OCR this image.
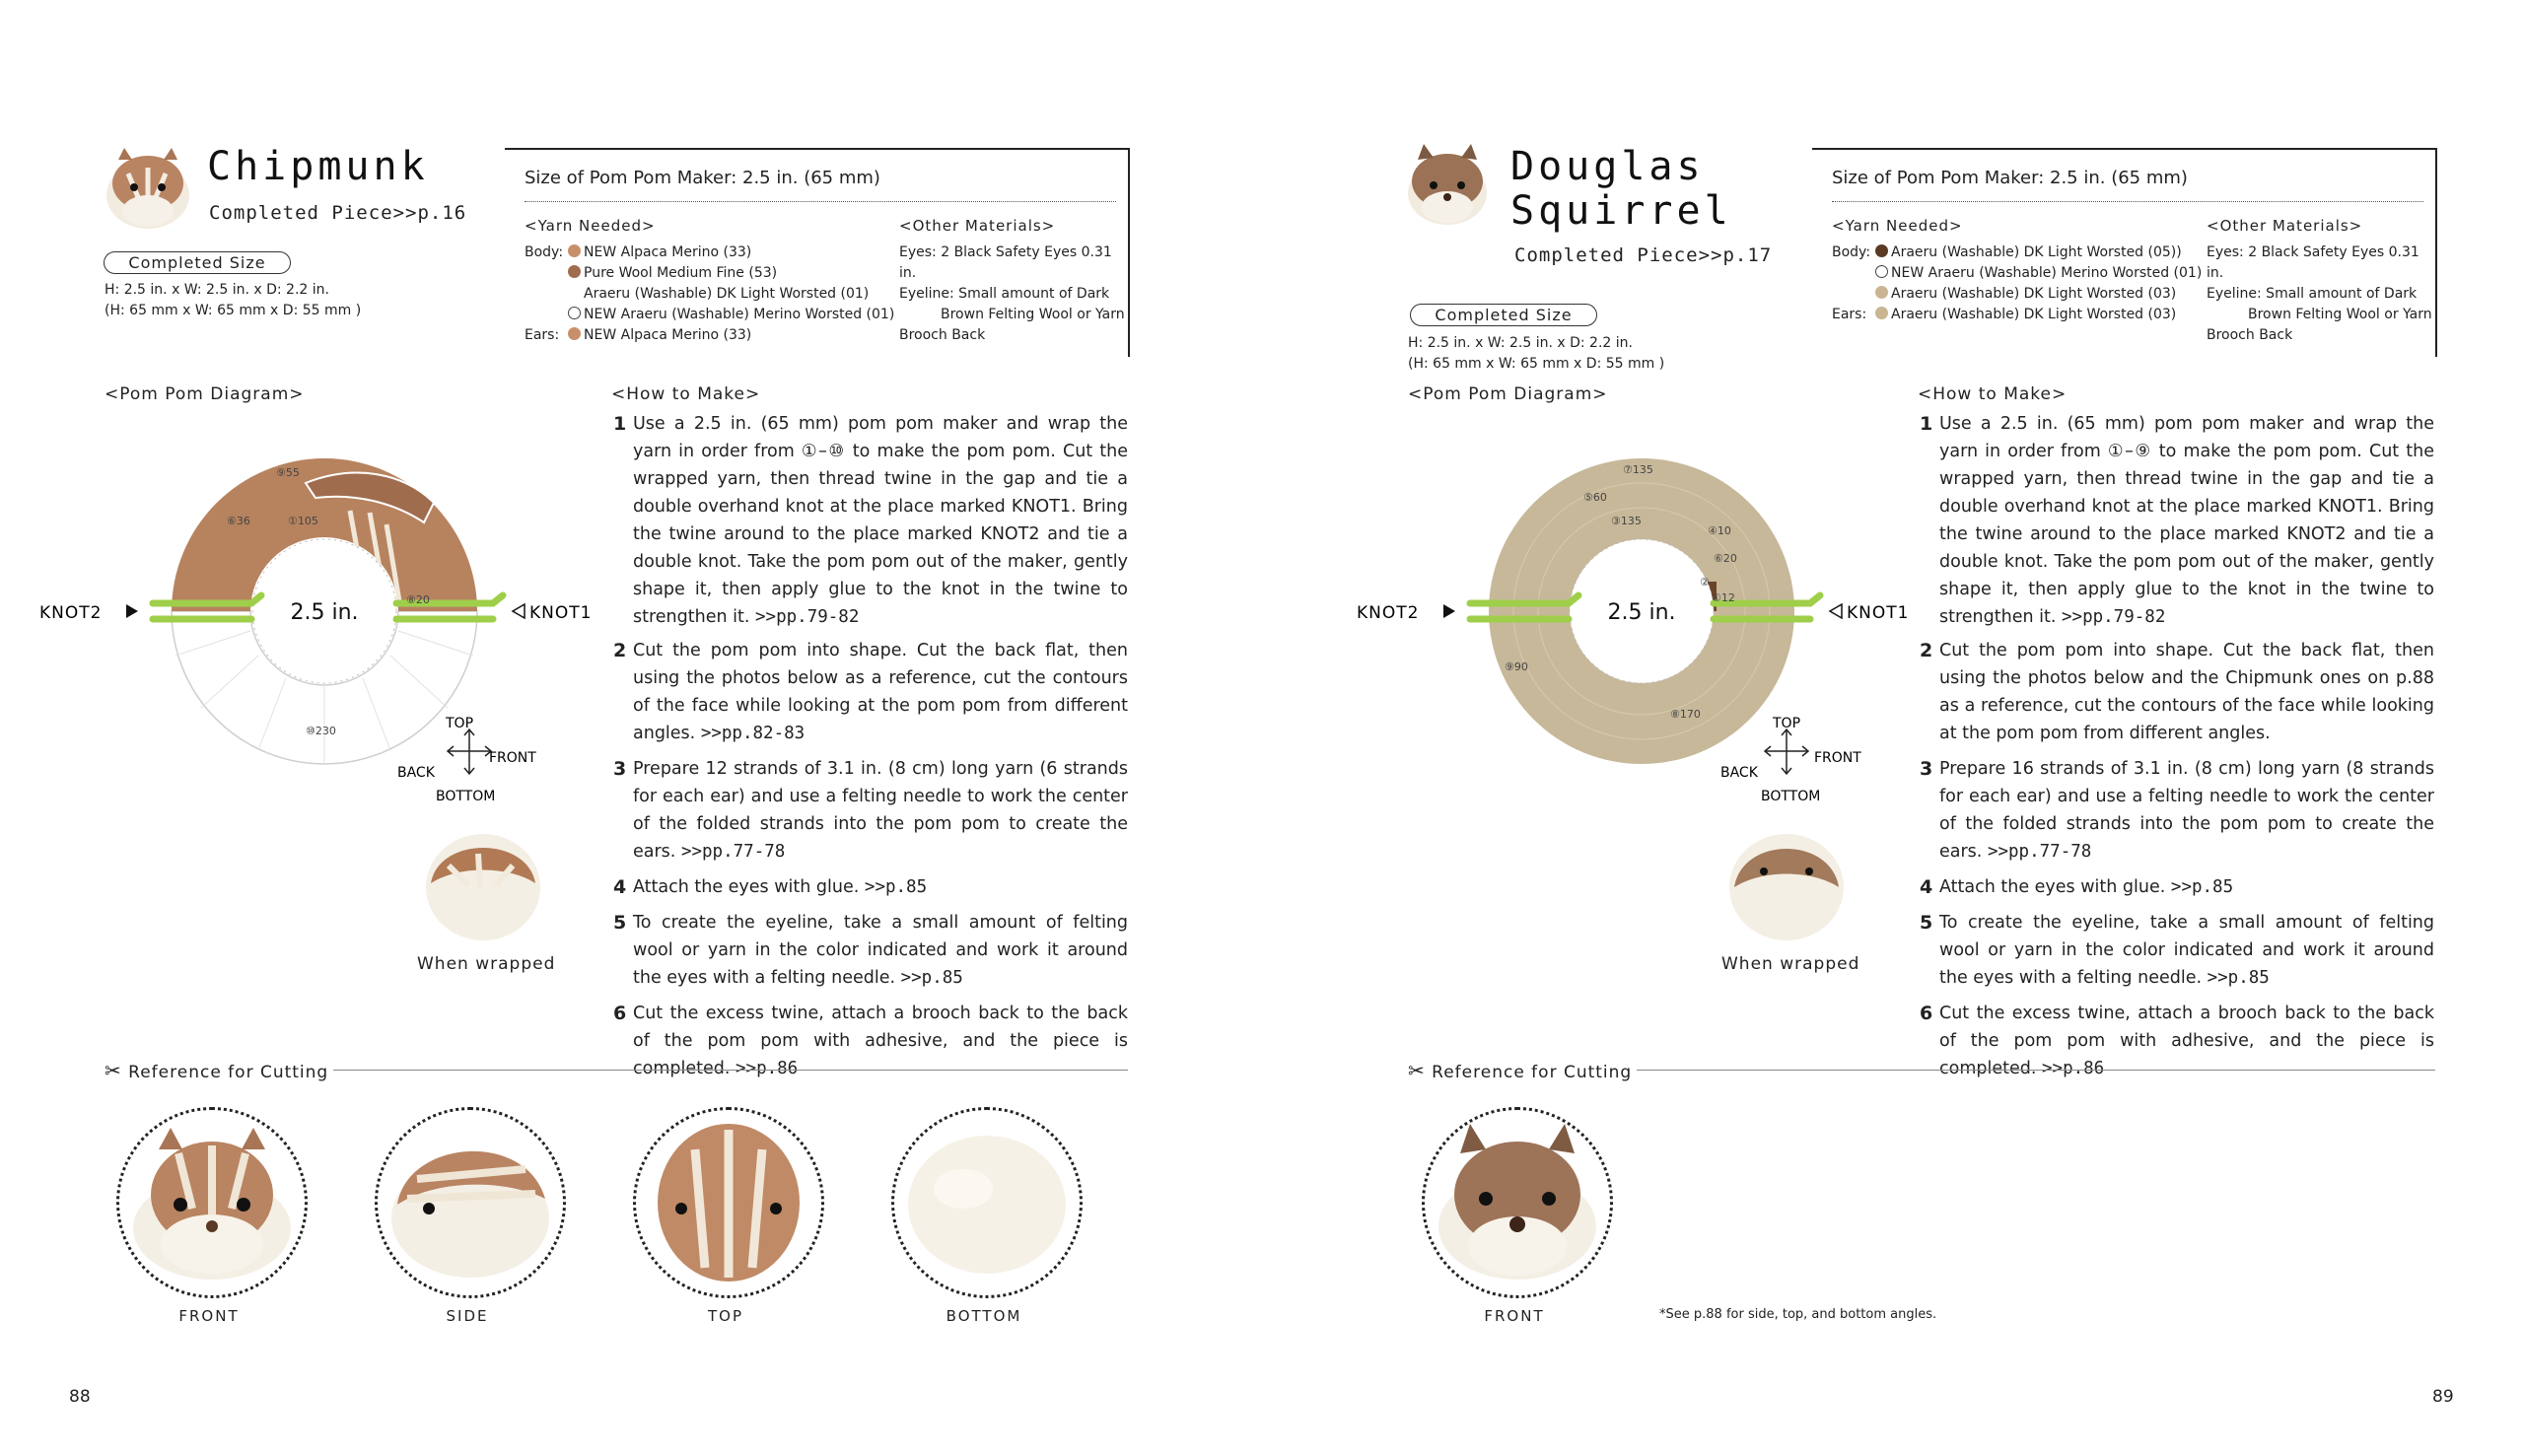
Chipmunk
Completed Piece>>p.16
Completed Size
H: 2.5 in. x W: 2.5 in. x D: 2.2 in.
(H: 65 mm x W: 65 mm x D: 55 mm )
Size of Pom Pom Maker: 2.5 in. (65 mm)
<Yarn Needed>
Body: NEW Alpaca Merino (33)
Pure Wool Medium Fine (53)
Araeru (Washable) DK Light Worsted (01)
NEW Araeru (Washable) Merino Worsted (01)
Ears: NEW Alpaca Merino (33)
<Other Materials>
Eyes: 2 Black Safety Eyes 0.31 in.
Eyeline: Small amount of Dark
Brown Felting Wool or Yarn
Brooch Back
<Pom Pom Diagram>
2.5 in.
KNOT2	KNOT1
⑨55
⑥36	①105
⑧20
⑩230	TOP
BACK
FRONT
BOTTOM
When wrapped
<How to Make>
1 Use a 2.5 in. (65 mm) pom pom maker and wrap the yarn in order from ①–⑩ to make the pom pom. Cut the wrapped yarn, then thread twine in the gap and tie a double overhand knot at the place marked KNOT1. Bring the twine around to the place marked KNOT2 and tie a double knot. Take the pom pom out of the maker, gently shape it, then apply glue to the knot in the twine to strengthen it. >>pp.79-82
2 Cut the pom pom into shape. Cut the back flat, then using the photos below as a reference, cut the contours of the face while looking at the pom pom from different angles. >>pp.82-83
3 Prepare 12 strands of 3.1 in. (8 cm) long yarn (6 strands for each ear) and use a felting needle to work the center of the folded strands into the pom pom to create the ears. >>pp.77-78
4 Attach the eyes with glue. >>p.85
5 To create the eyeline, take a small amount of felting wool or yarn in the color indicated and work it around the eyes with a felting needle. >>p.85
6 Cut the excess twine, attach a brooch back to the back of the pom pom with adhesive, and the piece is completed. >>p.86
✂ Reference for Cutting
FRONT	SIDE	TOP	BOTTOM
88
Douglas
Squirrel
Completed Piece>>p.17
Completed Size
H: 2.5 in. x W: 2.5 in. x D: 2.2 in.
(H: 65 mm x W: 65 mm x D: 55 mm )
Size of Pom Pom Maker: 2.5 in. (65 mm)
<Yarn Needed>
Body: Araeru (Washable) DK Light Worsted (05))
NEW Araeru (Washable) Merino Worsted (01)
Araeru (Washable) DK Light Worsted (03)
Ears: Araeru (Washable) DK Light Worsted (03)
<Other Materials>
Eyes: 2 Black Safety Eyes 0.31 in.
Eyeline: Small amount of Dark
Brown Felting Wool or Yarn
Brooch Back
<Pom Pom Diagram>
2.5 in.
KNOT2	KNOT1
⑦135
⑤60
③135
④10
⑥20
②
①12
⑨90
⑧170
TOP
BACK
FRONT
BOTTOM
When wrapped
<How to Make>
1 Use a 2.5 in. (65 mm) pom pom maker and wrap the yarn in order from ①–⑨ to make the pom pom. Cut the wrapped yarn, then thread twine in the gap and tie a double overhand knot at the place marked KNOT1. Bring the twine around to the place marked KNOT2 and tie a double knot. Take the pom pom out of the maker, gently shape it, then apply glue to the knot in the twine to strengthen it. >>pp.79-82
2 Cut the pom pom into shape. Cut the back flat, then using the photos below and the Chipmunk ones on p.88 as a reference, cut the contours of the face while looking at the pom pom from different angles.
3 Prepare 16 strands of 3.1 in. (8 cm) long yarn (8 strands for each ear) and use a felting needle to work the center of the folded strands into the pom pom to create the ears. >>pp.77-78
4 Attach the eyes with glue. >>p.85
5 To create the eyeline, take a small amount of felting wool or yarn in the color indicated and work it around the eyes with a felting needle. >>p.85
6 Cut the excess twine, attach a brooch back to the back of the pom pom with adhesive, and the piece is completed. >>p.86
✂ Reference for Cutting
FRONT	*See p.88 for side, top, and bottom angles.
89
